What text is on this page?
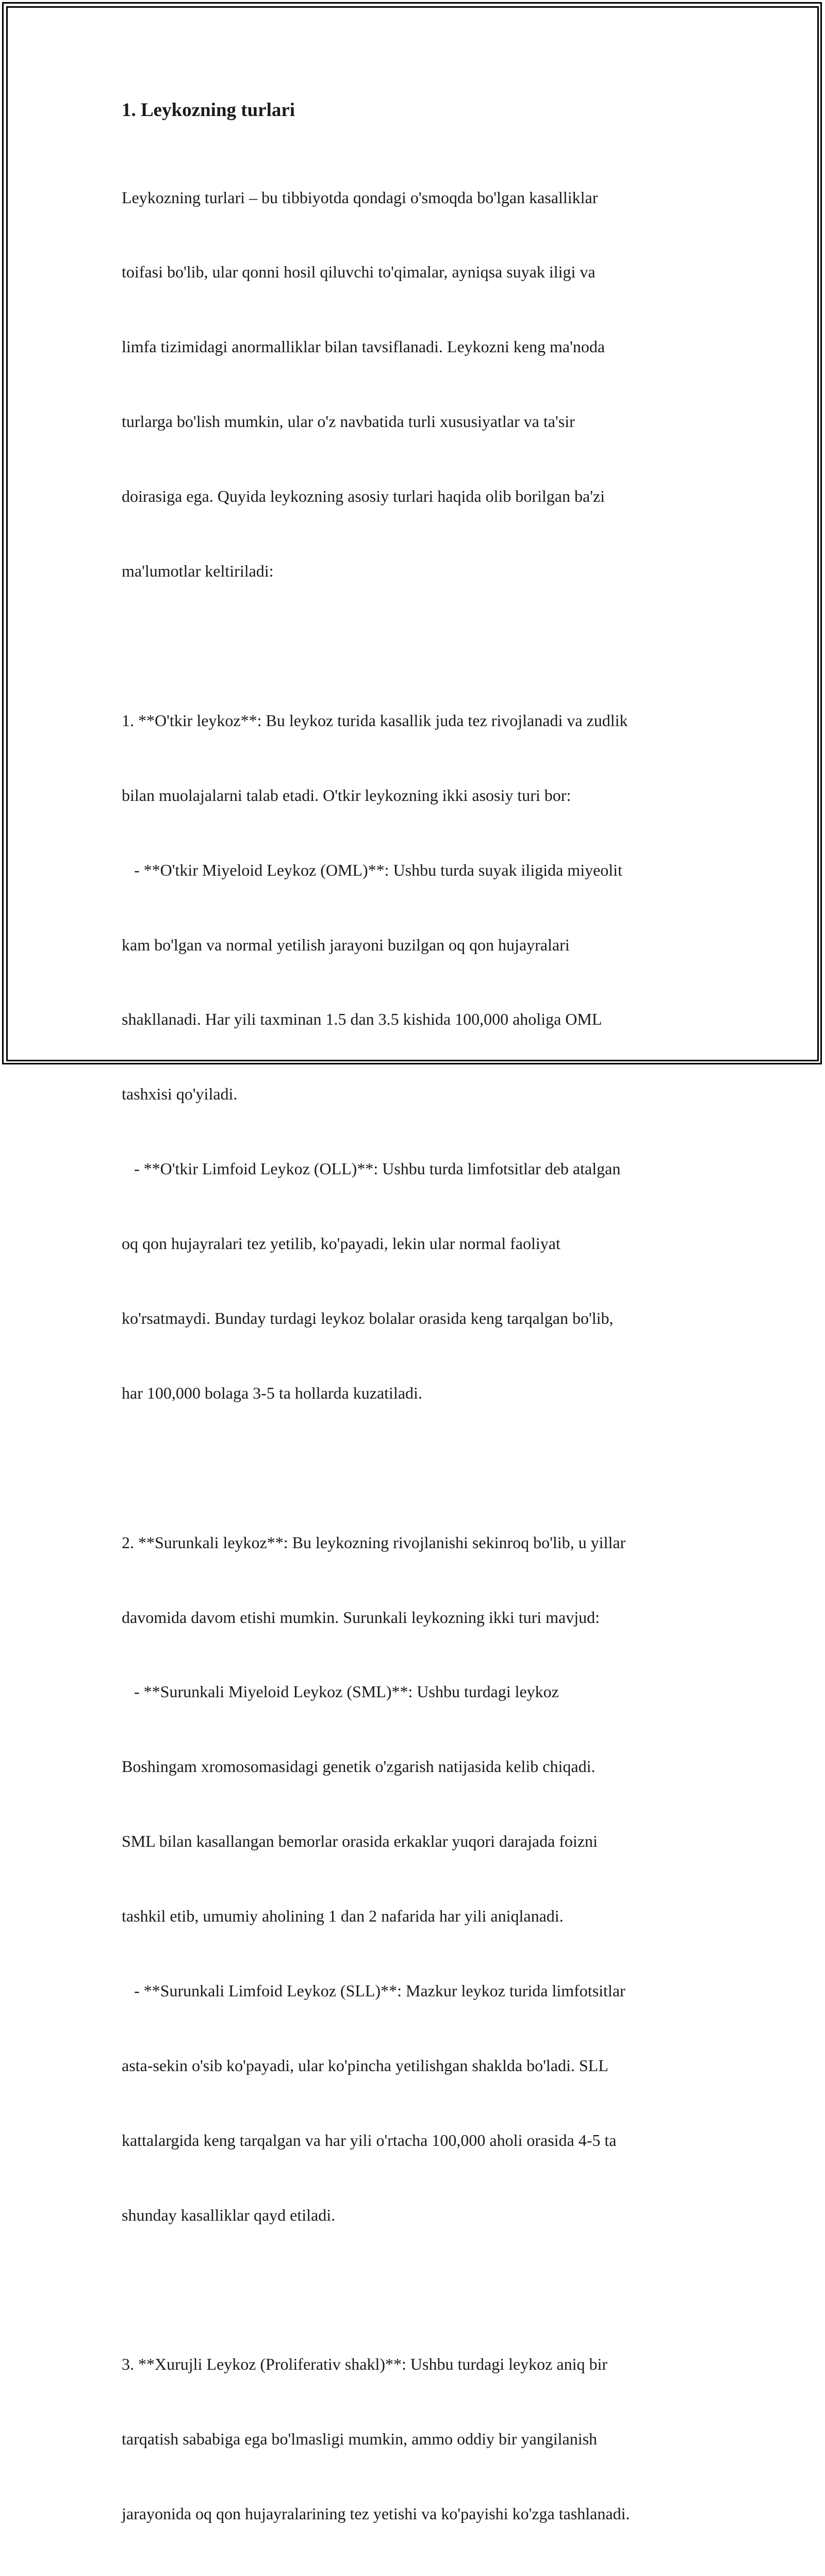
1. Leykozning turlari

Leykozning turlari – bu tibbiyotda qondagi o'smoqda bo'lgan kasalliklar

toifasi bo'lib, ular qonni hosil qiluvchi to'qimalar, ayniqsa suyak iligi va

limfa tizimidagi anormalliklar bilan tavsiflanadi. Leykozni keng ma'noda

turlarga bo'lish mumkin, ular o'z navbatida turli xususiyatlar va ta'sir

doirasiga ega. Quyida leykozning asosiy turlari haqida olib borilgan ba'zi

ma'lumotlar keltiriladi:

1. **O'tkir leykoz**: Bu leykoz turida kasallik juda tez rivojlanadi va zudlik

bilan muolajalarni talab etadi. O'tkir leykozning ikki asosiy turi bor:

- **O'tkir Miyeloid Leykoz (OML)**: Ushbu turda suyak iligida miyeolit

kam bo'lgan va normal yetilish jarayoni buzilgan oq qon hujayralari

shakllanadi. Har yili taxminan 1.5 dan 3.5 kishida 100,000 aholiga OML

tashxisi qo'yiladi.

- **O'tkir Limfoid Leykoz (OLL)**: Ushbu turda limfotsitlar deb atalgan

oq qon hujayralari tez yetilib, ko'payadi, lekin ular normal faoliyat

ko'rsatmaydi. Bunday turdagi leykoz bolalar orasida keng tarqalgan bo'lib,

har 100,000 bolaga 3-5 ta hollarda kuzatiladi.

2. **Surunkali leykoz**: Bu leykozning rivojlanishi sekinroq bo'lib, u yillar

davomida davom etishi mumkin. Surunkali leykozning ikki turi mavjud:

- **Surunkali Miyeloid Leykoz (SML)**: Ushbu turdagi leykoz

Boshingam xromosomasidagi genetik o'zgarish natijasida kelib chiqadi.

SML bilan kasallangan bemorlar orasida erkaklar yuqori darajada foizni

tashkil etib, umumiy aholining 1 dan 2 nafarida har yili aniqlanadi.

- **Surunkali Limfoid Leykoz (SLL)**: Mazkur leykoz turida limfotsitlar

asta-sekin o'sib ko'payadi, ular ko'pincha yetilishgan shaklda bo'ladi. SLL

kattalargida keng tarqalgan va har yili o'rtacha 100,000 aholi orasida 4-5 ta

shunday kasalliklar qayd etiladi.

3. **Xurujli Leykoz (Proliferativ shakl)**: Ushbu turdagi leykoz aniq bir

tarqatish sababiga ega bo'lmasligi mumkin, ammo oddiy bir yangilanish

jarayonida oq qon hujayralarining tez yetishi va ko'payishi ko'zga tashlanadi.
